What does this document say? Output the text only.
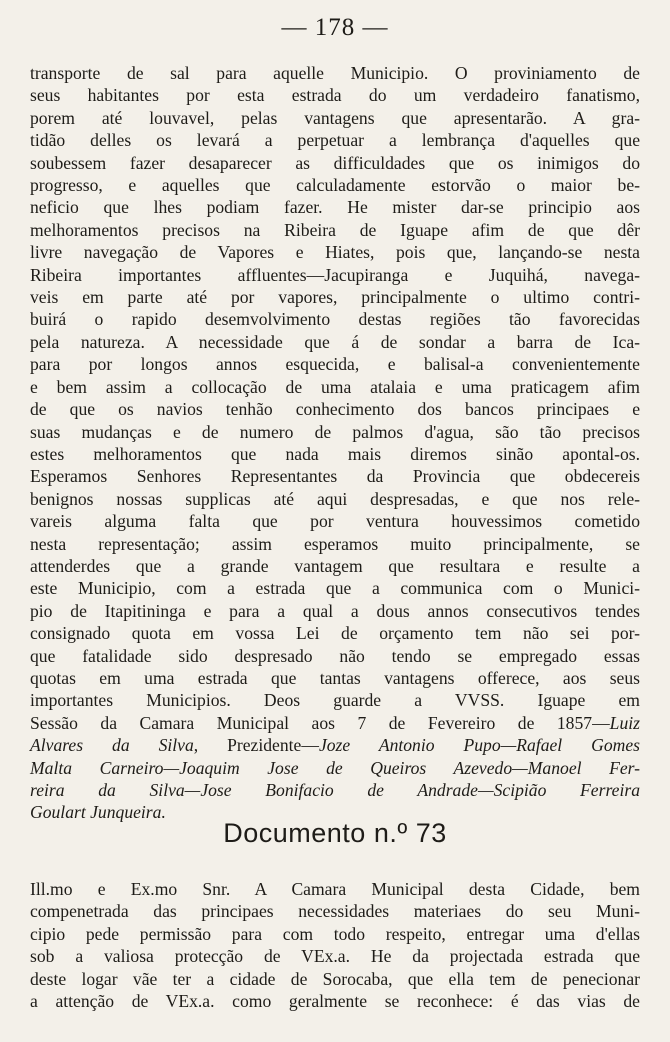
— 178 —
transporte de sal para aquelle Municipio. O proviniamento de
seus habitantes por esta estrada do um verdadeiro fanatismo,
porem até louvavel, pelas vantagens que apresentarão. A gra-
tidão delles os levará a perpetuar a lembrança d'aquelles que
soubessem fazer desaparecer as difficuldades que os inimigos do
progresso, e aquelles que calculadamente estorvão o maior be-
neficio que lhes podiam fazer. He mister dar-se principio aos
melhoramentos precisos na Ribeira de Iguape afim de que dêr
livre navegação de Vapores e Hiates, pois que, lançando-se nesta
Ribeira importantes affluentes—Jacupiranga e Juquihá, navega-
veis em parte até por vapores, principalmente o ultimo contri-
buirá o rapido desemvolvimento destas regiões tão favorecidas
pela natureza. A necessidade que á de sondar a barra de Ica-
para por longos annos esquecida, e balisal-a convenientemente
e bem assim a collocação de uma atalaia e uma praticagem afim
de que os navios tenhão conhecimento dos bancos principaes e
suas mudanças e de numero de palmos d'agua, são tão precisos
estes melhoramentos que nada mais diremos sinão apontal-os.
Esperamos Senhores Representantes da Provincia que obdecereis
benignos nossas supplicas até aqui despresadas, e que nos rele-
vareis alguma falta que por ventura houvessimos cometido
nesta representação; assim esperamos muito principalmente, se
attenderdes que a grande vantagem que resultara e resulte a
este Municipio, com a estrada que a communica com o Munici-
pio de Itapitininga e para a qual a dous annos consecutivos tendes
consignado quota em vossa Lei de orçamento tem não sei por-
que fatalidade sido despresado não tendo se empregado essas
quotas em uma estrada que tantas vantagens offerece, aos seus
importantes Municipios. Deos guarde a VVSS. Iguape em
Sessão da Camara Municipal aos 7 de Fevereiro de 1857—Luiz
Alvares da Silva, Prezidente—Joze Antonio Pupo—Rafael Gomes
Malta Carneiro—Joaquim Jose de Queiros Azevedo—Manoel Fer-
reira da Silva—Jose Bonifacio de Andrade—Scipião Ferreira
Goulart Junqueira.
Documento n.º 73
Ill.mo e Ex.mo Snr. A Camara Municipal desta Cidade, bem
compenetrada das principaes necessidades materiaes do seu Muni-
cipio pede permissão para com todo respeito, entregar uma d'ellas
sob a valiosa protecção de VEx.a. He da projectada estrada que
deste logar vãe ter a cidade de Sorocaba, que ella tem de penecionar
a attenção de VEx.a. como geralmente se reconhece: é das vias de
